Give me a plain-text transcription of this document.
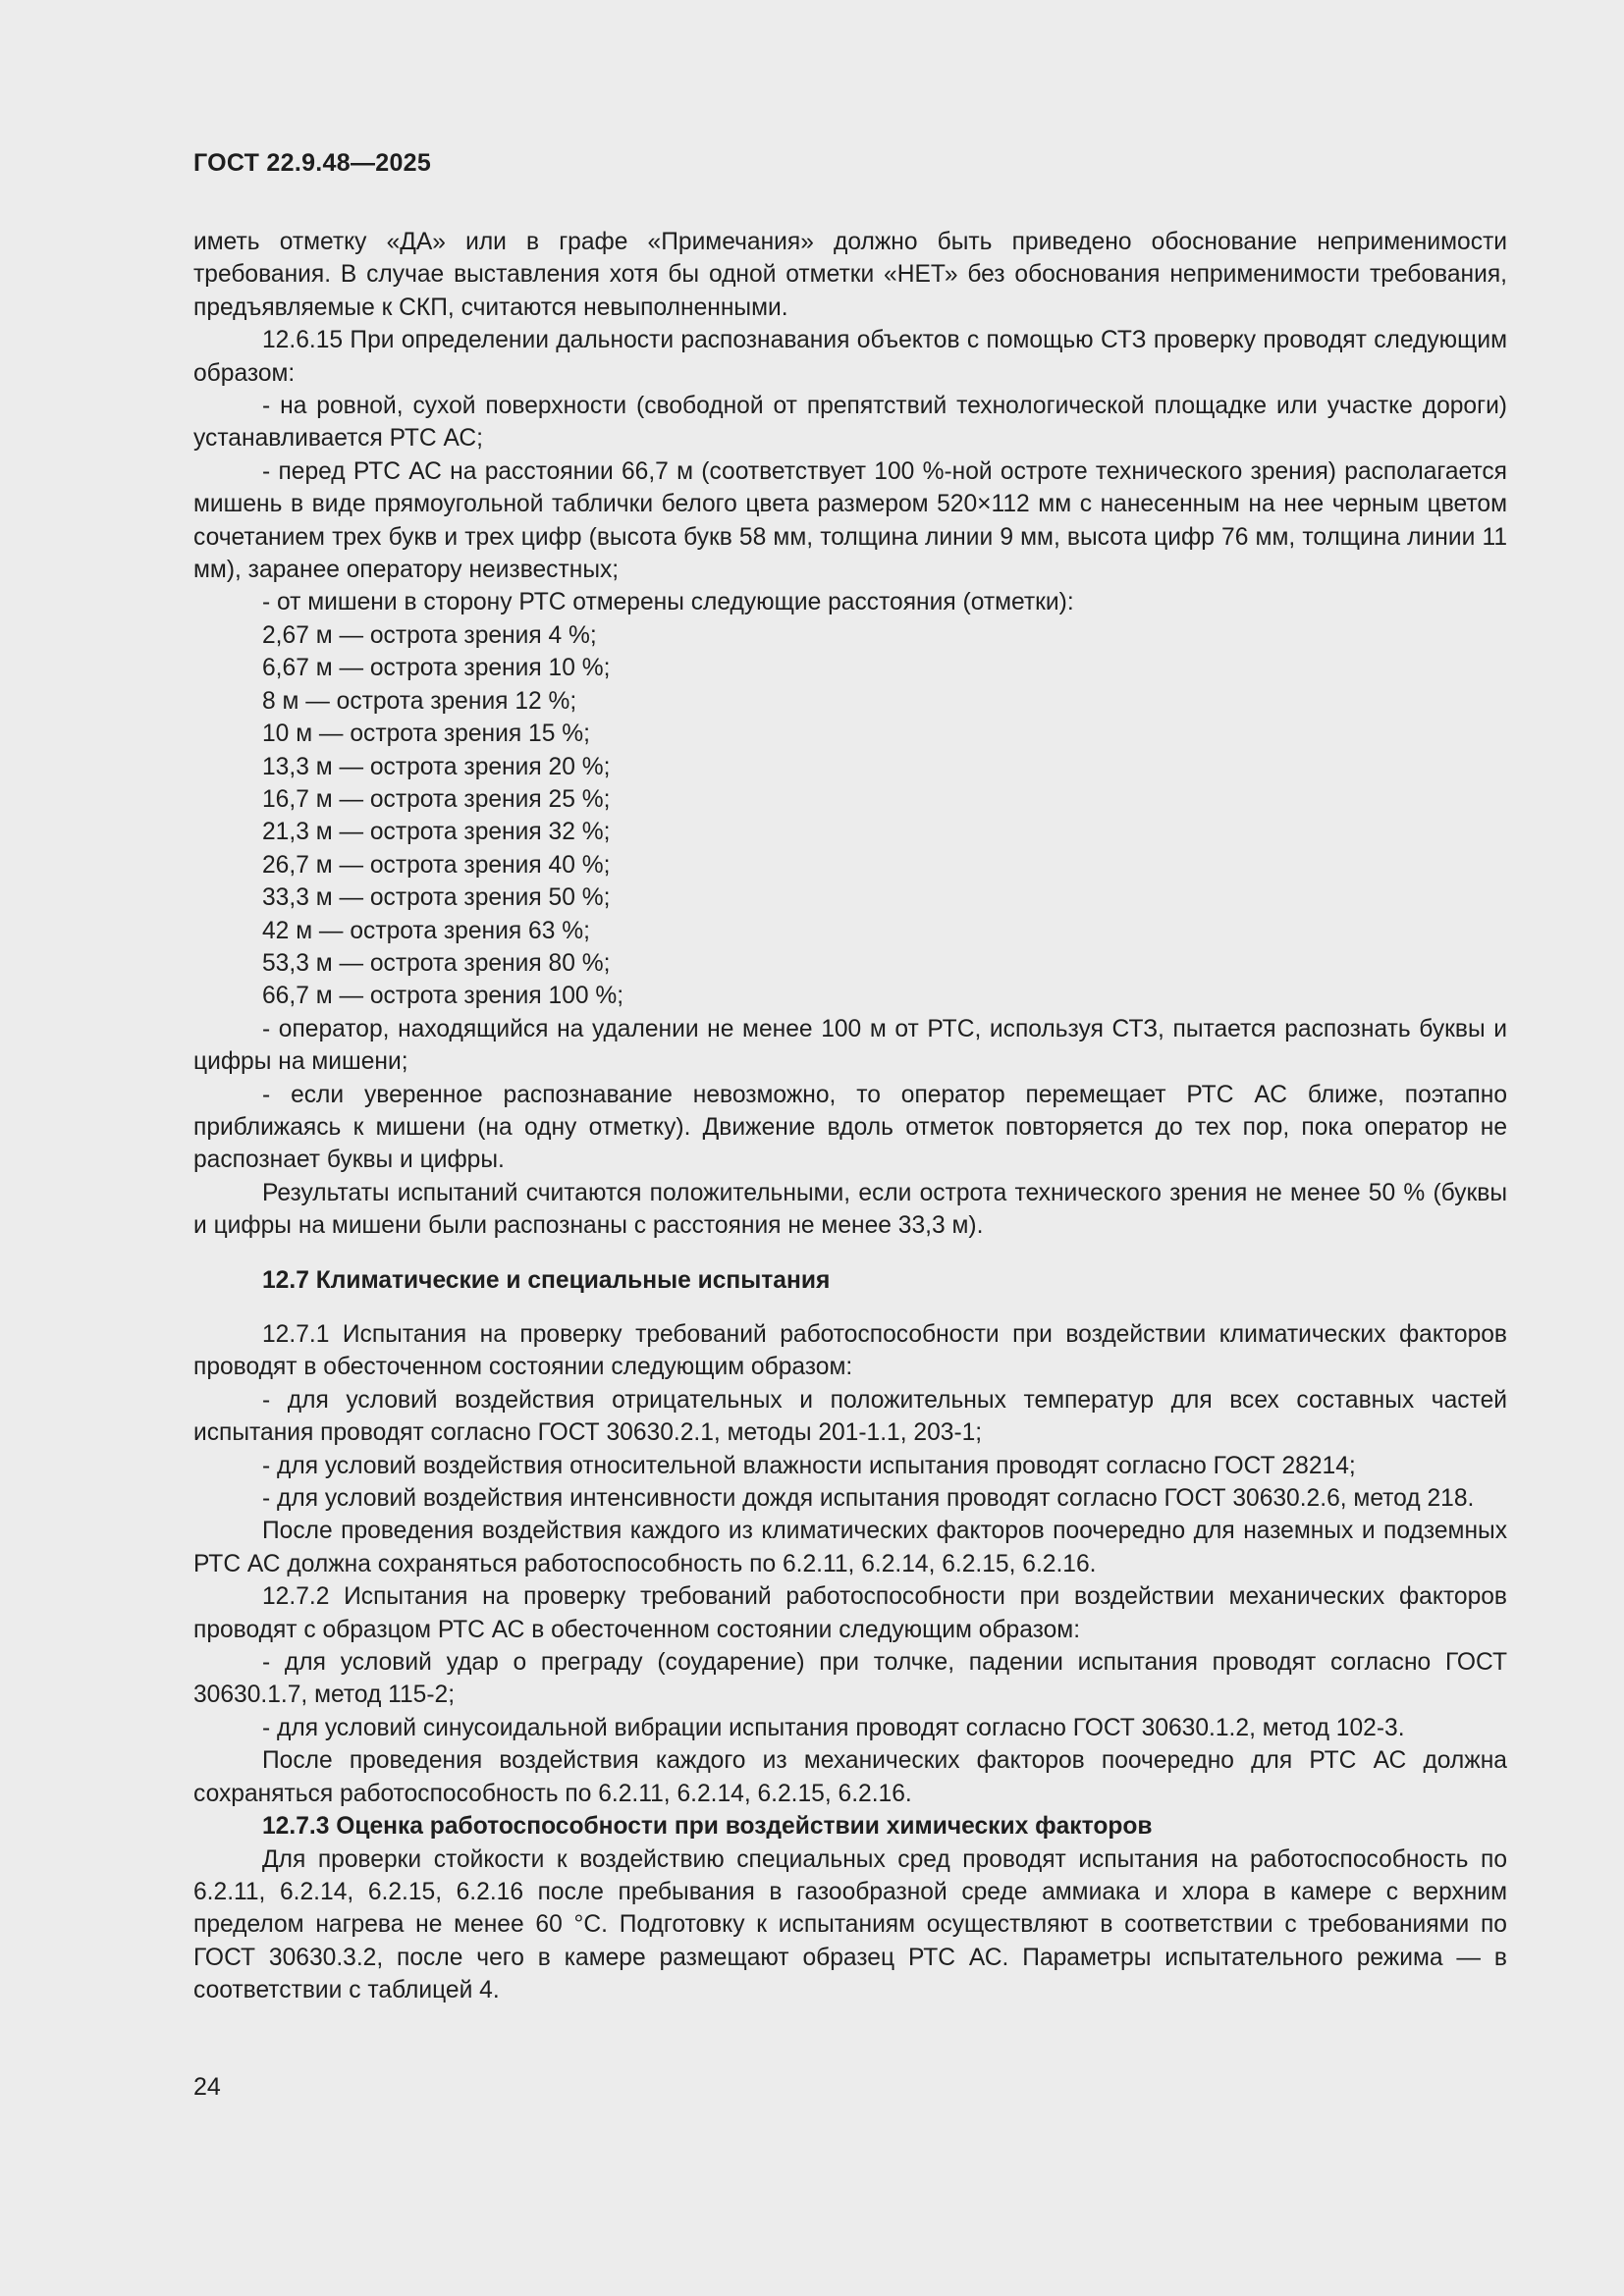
ГОСТ 22.9.48—2025

иметь отметку «ДА» или в графе «Примечания» должно быть приведено обоснование неприменимости требования. В случае выставления хотя бы одной отметки «НЕТ» без обоснования неприменимости требования, предъявляемые к СКП, считаются невыполненными.

12.6.15 При определении дальности распознавания объектов с помощью СТЗ проверку проводят следующим образом:

- на ровной, сухой поверхности (свободной от препятствий технологической площадке или участке дороги) устанавливается РТС АС;

- перед РТС АС на расстоянии 66,7 м (соответствует 100 %-ной остроте технического зрения) располагается мишень в виде прямоугольной таблички белого цвета размером 520×112 мм с нанесенным на нее черным цветом сочетанием трех букв и трех цифр (высота букв 58 мм, толщина линии 9 мм, высота цифр 76 мм, толщина линии 11 мм), заранее оператору неизвестных;

- от мишени в сторону РТС отмерены следующие расстояния (отметки):

2,67 м — острота зрения 4 %;

6,67 м — острота зрения 10 %;

8 м — острота зрения 12 %;

10 м — острота зрения 15 %;

13,3 м — острота зрения 20 %;

16,7 м — острота зрения 25 %;

21,3 м — острота зрения 32 %;

26,7 м — острота зрения 40 %;

33,3 м — острота зрения 50 %;

42 м — острота зрения 63 %;

53,3 м — острота зрения 80 %;

66,7 м — острота зрения 100 %;

- оператор, находящийся на удалении не менее 100 м от РТС, используя СТЗ, пытается распознать буквы и цифры на мишени;

- если уверенное распознавание невозможно, то оператор перемещает РТС АС ближе, поэтапно приближаясь к мишени (на одну отметку). Движение вдоль отметок повторяется до тех пор, пока оператор не распознает буквы и цифры.

Результаты испытаний считаются положительными, если острота технического зрения не менее 50 % (буквы и цифры на мишени были распознаны с расстояния не менее 33,3 м).

12.7 Климатические и специальные испытания

12.7.1 Испытания на проверку требований работоспособности при воздействии климатических факторов проводят в обесточенном состоянии следующим образом:

- для условий воздействия отрицательных и положительных температур для всех составных частей испытания проводят согласно ГОСТ 30630.2.1, методы 201-1.1, 203-1;

- для условий воздействия относительной влажности испытания проводят согласно ГОСТ 28214;

- для условий воздействия интенсивности дождя испытания проводят согласно ГОСТ 30630.2.6, метод 218.

После проведения воздействия каждого из климатических факторов поочередно для наземных и подземных РТС АС должна сохраняться работоспособность по 6.2.11, 6.2.14, 6.2.15, 6.2.16.

12.7.2 Испытания на проверку требований работоспособности при воздействии механических факторов проводят с образцом РТС АС в обесточенном состоянии следующим образом:

- для условий удар о преграду (соударение) при толчке, падении испытания проводят согласно ГОСТ 30630.1.7, метод 115-2;

- для условий синусоидальной вибрации испытания проводят согласно ГОСТ 30630.1.2, метод 102-3.

После проведения воздействия каждого из механических факторов поочередно для РТС АС должна сохраняться работоспособность по 6.2.11, 6.2.14, 6.2.15, 6.2.16.

12.7.3 Оценка работоспособности при воздействии химических факторов

Для проверки стойкости к воздействию специальных сред проводят испытания на работоспособность по 6.2.11, 6.2.14, 6.2.15, 6.2.16 после пребывания в газообразной среде аммиака и хлора в камере с верхним пределом нагрева не менее 60 °С. Подготовку к испытаниям осуществляют в соответствии с требованиями по ГОСТ 30630.3.2, после чего в камере размещают образец РТС АС. Параметры испытательного режима — в соответствии с таблицей 4.

24
